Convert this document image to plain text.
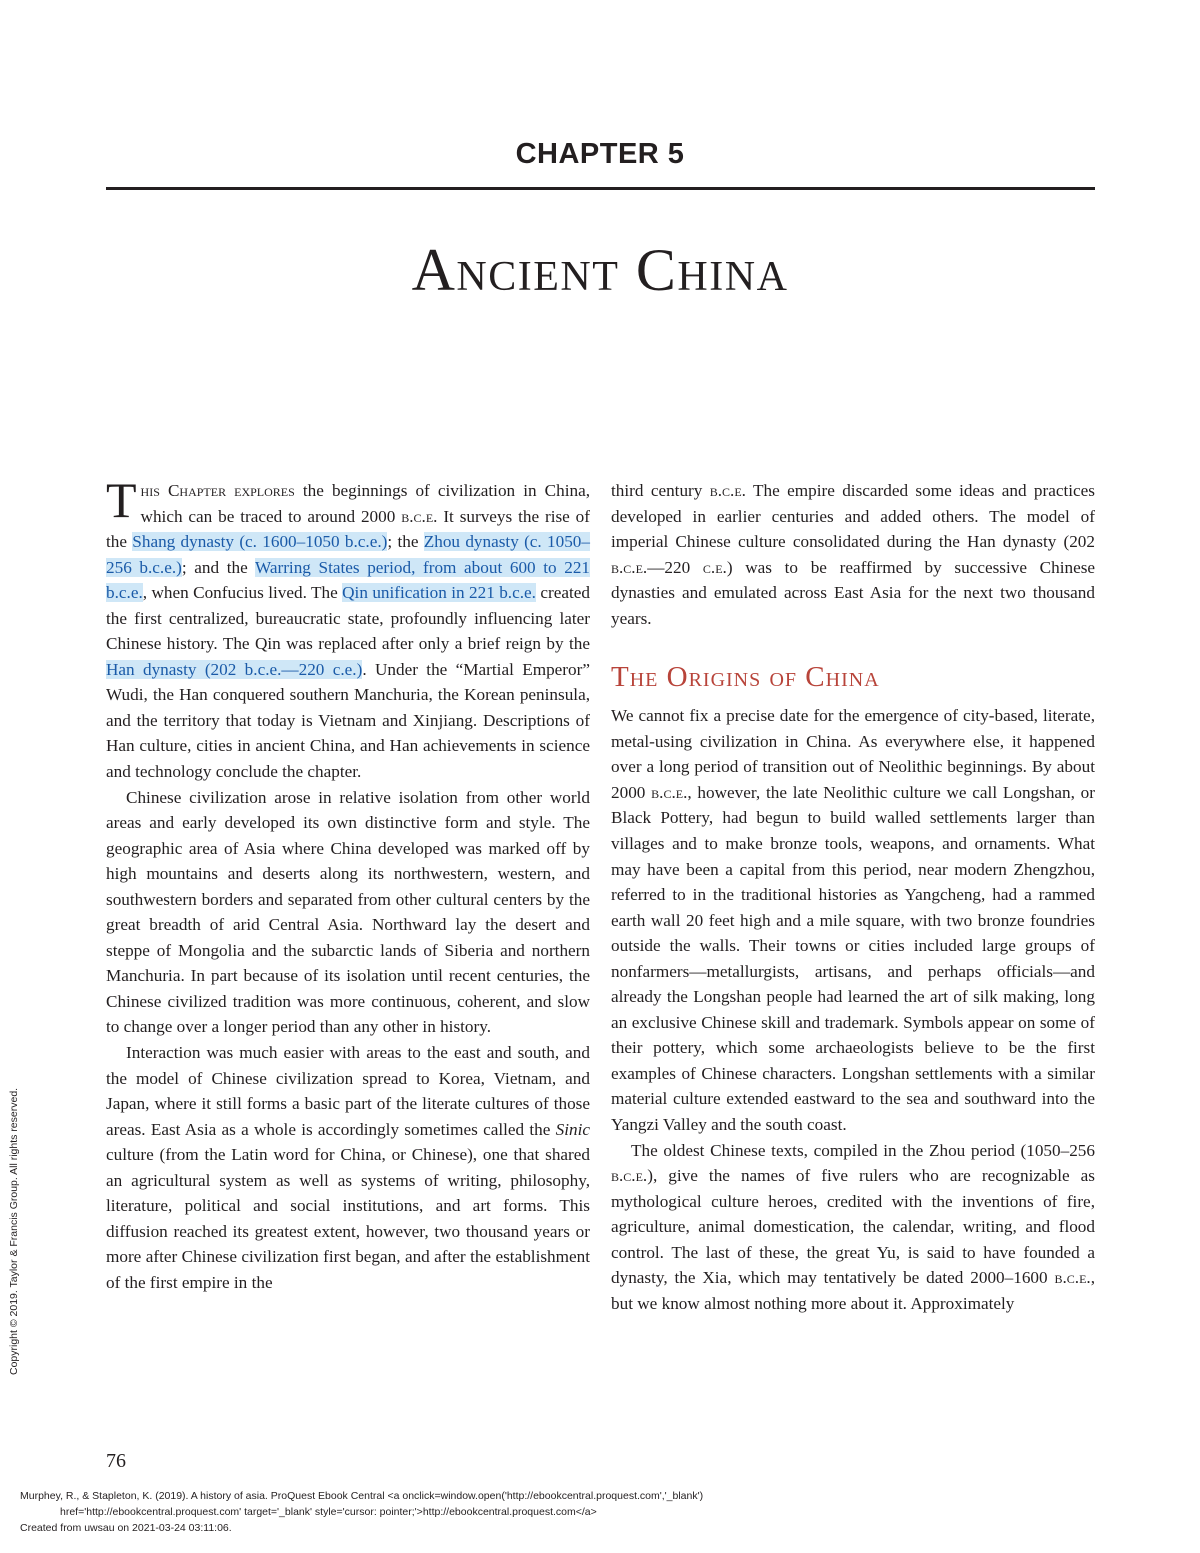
CHAPTER 5
Ancient China

This Chapter explores the beginnings of civilization in China, which can be traced to around 2000 b.c.e. It surveys the rise of the Shang dynasty (c. 1600–1050 b.c.e.); the Zhou dynasty (c. 1050–256 b.c.e.); and the Warring States period, from about 600 to 221 b.c.e., when Confucius lived. The Qin unification in 221 b.c.e. created the first centralized, bureaucratic state, profoundly influencing later Chinese history. The Qin was replaced after only a brief reign by the Han dynasty (202 b.c.e.—220 c.e.). Under the “Martial Emperor” Wudi, the Han conquered southern Manchuria, the Korean peninsula, and the territory that today is Vietnam and Xinjiang. Descriptions of Han culture, cities in ancient China, and Han achievements in science and technology conclude the chapter.

Chinese civilization arose in relative isolation from other world areas and early developed its own distinctive form and style. The geographic area of Asia where China developed was marked off by high mountains and deserts along its northwestern, western, and southwestern borders and separated from other cultural centers by the great breadth of arid Central Asia. Northward lay the desert and steppe of Mongolia and the subarctic lands of Siberia and northern Manchuria. In part because of its isolation until recent centuries, the Chinese civilized tradition was more continuous, coherent, and slow to change over a longer period than any other in history.

Interaction was much easier with areas to the east and south, and the model of Chinese civilization spread to Korea, Vietnam, and Japan, where it still forms a basic part of the literate cultures of those areas. East Asia as a whole is accordingly sometimes called the Sinic culture (from the Latin word for China, or Chinese), one that shared an agricultural system as well as systems of writing, philosophy, literature, political and social institutions, and art forms. This diffusion reached its greatest extent, however, two thousand years or more after Chinese civilization first began, and after the establishment of the first empire in the

third century b.c.e. The empire discarded some ideas and practices developed in earlier centuries and added others. The model of imperial Chinese culture consolidated during the Han dynasty (202 b.c.e.—220 c.e.) was to be reaffirmed by successive Chinese dynasties and emulated across East Asia for the next two thousand years.

The Origins of China

We cannot fix a precise date for the emergence of city-based, literate, metal-using civilization in China. As everywhere else, it happened over a long period of transition out of Neolithic beginnings. By about 2000 b.c.e., however, the late Neolithic culture we call Longshan, or Black Pottery, had begun to build walled settlements larger than villages and to make bronze tools, weapons, and ornaments. What may have been a capital from this period, near modern Zhengzhou, referred to in the traditional histories as Yangcheng, had a rammed earth wall 20 feet high and a mile square, with two bronze foundries outside the walls. Their towns or cities included large groups of nonfarmers—metallurgists, artisans, and perhaps officials—and already the Longshan people had learned the art of silk making, long an exclusive Chinese skill and trademark. Symbols appear on some of their pottery, which some archaeologists believe to be the first examples of Chinese characters. Longshan settlements with a similar material culture extended eastward to the sea and southward into the Yangzi Valley and the south coast.

The oldest Chinese texts, compiled in the Zhou period (1050–256 b.c.e.), give the names of five rulers who are recognizable as mythological culture heroes, credited with the inventions of fire, agriculture, animal domestication, the calendar, writing, and flood control. The last of these, the great Yu, is said to have founded a dynasty, the Xia, which may tentatively be dated 2000–1600 b.c.e., but we know almost nothing more about it. Approximately

76
Murphey, R., & Stapleton, K. (2019). A history of asia. ProQuest Ebook Central <a onclick=window.open('http://ebookcentral.proquest.com','_blank')
href='http://ebookcentral.proquest.com' target='_blank' style='cursor: pointer;'>http://ebookcentral.proquest.com</a>
Created from uwsau on 2021-03-24 03:11:06.
Copyright © 2019. Taylor & Francis Group. All rights reserved.
